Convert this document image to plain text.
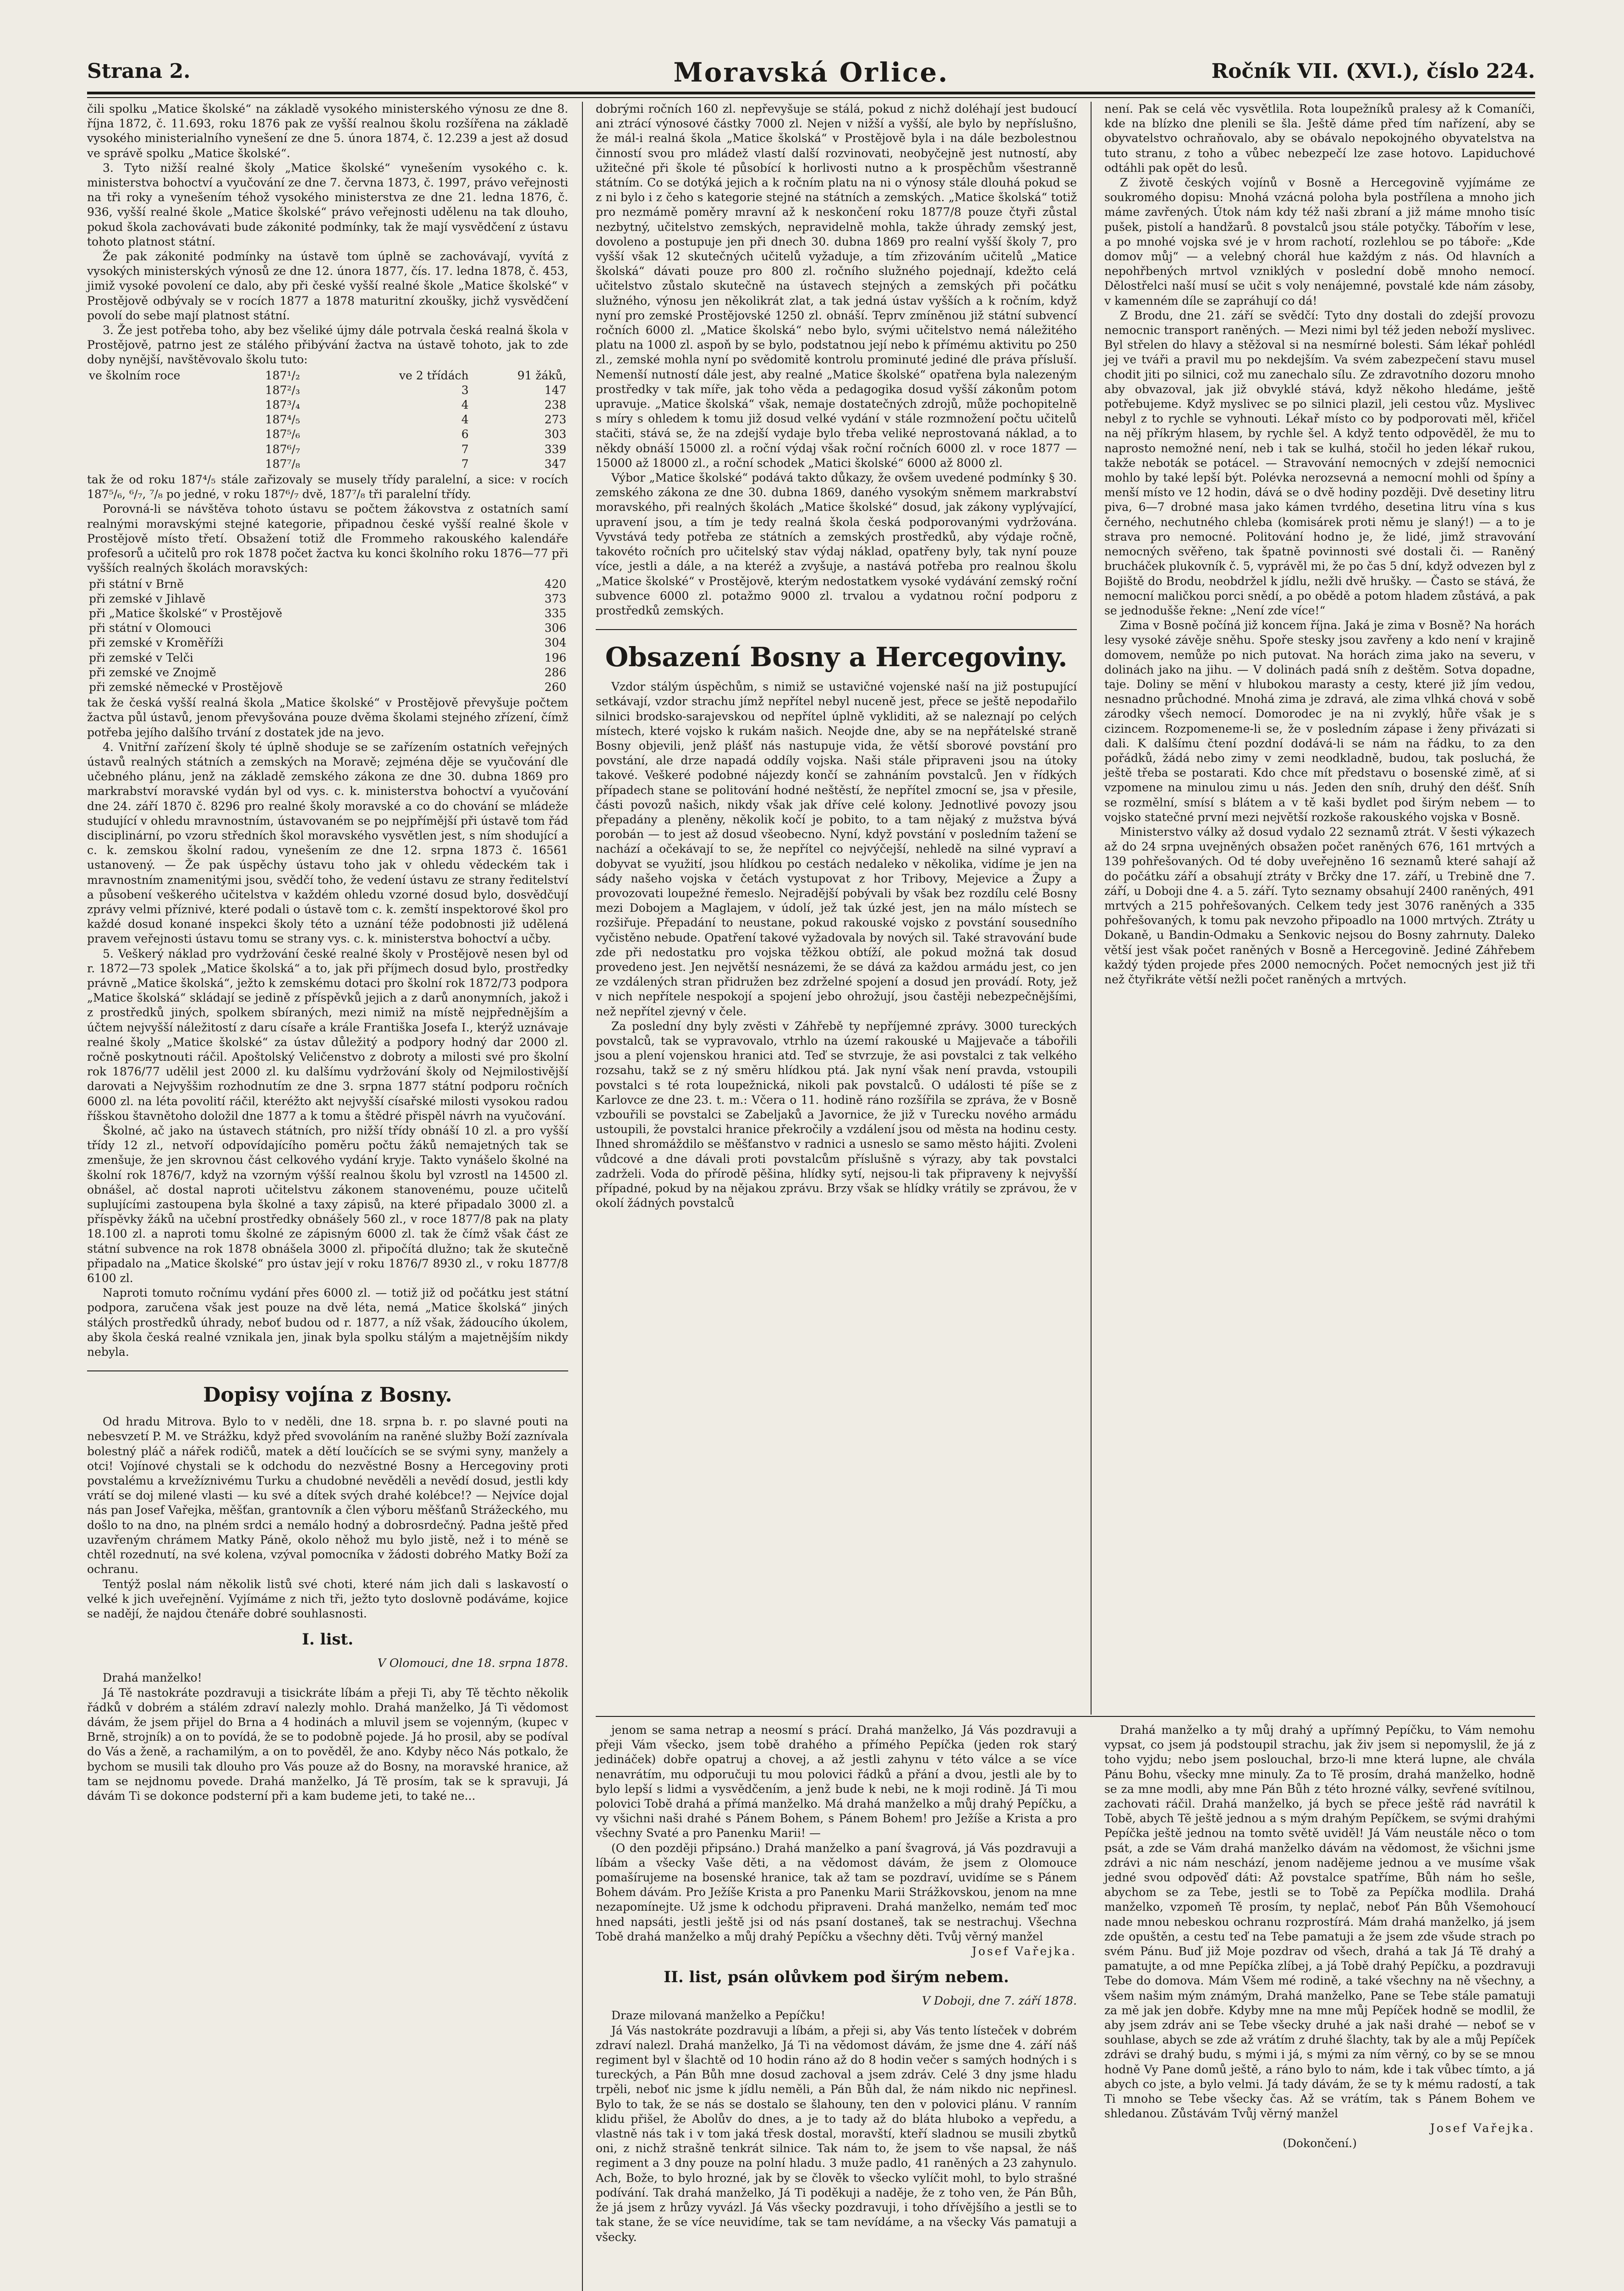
Strana 2.	Moravská Orlice.	Ročník VII. (XVI.), číslo 224.

čili spolku „Matice školské“ na základě vysokého ministerského výnosu ze dne 8. října 1872, č. 11.693, roku 1876 pak ze vyšší realnou školu rozšířena na základě vysokého ministerialního vynešení ze dne 5. února 1874, č. 12.239 a jest až dosud ve správě spolku „Matice školské“.

3. Tyto nižší realné školy „Matice školské“ vynešením vysokého c. k. ministerstva bohoctví a vyučování ze dne 7. června 1873, č. 1997, právo veřejnosti na tři roky a vynešením téhož vysokého ministerstva ze dne 21. ledna 1876, č. 936, vyšší realné škole „Matice školské“ právo veřejnosti udělenu na tak dlouho, pokud škola zachovávati bude zákonité podmínky, tak že mají vysvědčení z ústavu tohoto platnost státní.

Že pak zákonité podmínky na ústavě tom úplně se zachovávají, vyvítá z vysokých ministerských výnosů ze dne 12. února 1877, čís. 17. ledna 1878, č. 453, jimiž vysoké povolení ce dalo, aby při české vyšší realné škole „Matice školské“ v Prostějově odbývaly se v rocích 1877 a 1878 maturitní zkoušky, jichž vysvědčení povolí do sebe mají platnost státní.

3. Že jest potřeba toho, aby bez všeliké újmy dále potrvala česká realná škola v Prostějově, patrno jest ze stálého přibývání žactva na ústavě tohoto, jak to zde doby nynější, navštěvovalo školu tuto:

ve školním roce	187¹/₂	ve 2 třídách	91 žáků,
	187²/₃	3	147
	187³/₄	4	238
	187⁴/₅	4	273
	187⁵/₆	6	303
	187⁶/₇	7	339
	187⁷/₈	7	347

tak že od roku 187⁴/₅ stále zařizovaly se musely třídy paralelní, a sice: v rocích 187⁵/₆, ⁶/₇, ⁷/₈ po jedné, v roku 187⁶/₇ dvě, 187⁷/₈ tři paralelní třídy.

Porovná-li se návštěva tohoto ústavu se počtem žákovstva z ostatních samí realnými moravskými stejné kategorie, připadnou české vyšší realné škole v Prostějově místo třetí. Obsažení totiž dle Frommeho rakouského kalendáře profesorů a učitelů pro rok 1878 počet žactva ku konci školního roku 1876—77 při vyšších realných školách moravských:

při státní v Brně	420
při zemské v Jihlavě	373
při „Matice školské“ v Prostějově	335
při státní v Olomouci	306
při zemské v Kroměříži	304
při zemské v Telči	196
při zemské ve Znojmě	286
při zemské německé v Prostějově	260

tak že česká vyšší realná škola „Matice školské“ v Prostějově převyšuje počtem žactva půl ústavů, jenom převyšována pouze dvěma školami stejného zřízení, čímž potřeba jejího dalšího trvání z dostatek jde na jevo.

4. Vnitřní zařízení školy té úplně shoduje se se zařízením ostatních veřejných ústavů realných státních a zemských na Moravě; zejména děje se vyučování dle učebného plánu, jenž na základě zemského zákona ze dne 30. dubna 1869 pro markrabství moravské vydán byl od vys. c. k. ministerstva bohoctví a vyučování dne 24. září 1870 č. 8296 pro realné školy moravské a co do chování se mládeže studující v ohledu mravnostním, ústavovaném se po nejpřímější při ústavě tom řád disciplinární, po vzoru středních škol moravského vysvětlen jest, s ním shodující a c. k. zemskou školní radou, vynešením ze dne 12. srpna 1873 č. 16561 ustanovený. — Že pak úspěchy ústavu toho jak v ohledu vědeckém tak i mravnostním znamenitými jsou, svědčí toho, že vedení ústavu ze strany ředitelství a působení veškerého učitelstva v každém ohledu vzorné dosud bylo, dosvědčují zprávy velmi příznivé, které podali o ústavě tom c. k. zemští inspektorové škol pro každé dosud konané inspekci školy této a uznání téže podobnosti již udělená pravem veřejnosti ústavu tomu se strany vys. c. k. ministerstva bohoctví a učby.

5. Veškerý náklad pro vydržování české realné školy v Prostějově nesen byl od r. 1872—73 spolek „Matice školská“ a to, jak při příjmech dosud bylo, prostředky právně „Matice školská“, ježto k zemskému dotaci pro školní rok 1872/73 podpora „Matice školská“ skládají se jedině z příspěvků jejich a z darů anonymních, jakož i z prostředků jiných, spolkem sbíraných, mezi nimiž na místě nejpřednějším a účtem nejvyšší náležitostí z daru císaře a krále Františka Josefa I., kterýž uznávaje realné školy „Matice školské“ za ústav důležitý a podpory hodný dar 2000 zl. ročně poskytnouti ráčil. Apoštolský Veličenstvo z dobroty a milosti své pro školní rok 1876/77 udělil jest 2000 zl. ku dalšímu vydržování školy od Nejmilostivější darovati a Nejvyššim rozhodnutím ze dne 3. srpna 1877 státní podporu ročních 6000 zl. na léta povolití ráčil, kteréžto akt nejvyšší císařské milosti vysokou radou říšskou štavnětoho doložil dne 1877 a k tomu a štědré přispěl návrh na vyučování.

Školné, ač jako na ústavech státních, pro nižší třídy obnáší 10 zl. a pro vyšší třídy 12 zl., netvoří odpovídajícího poměru počtu žáků nemajetných tak se zmenšuje, že jen skrovnou část celkového vydání kryje. Takto vynášelo školné na školní rok 1876/7, když na vzorným výšší realnou školu byl vzrostl na 14500 zl. obnášel, ač dostal naproti učitelstvu zákonem stanovenému, pouze učitelů suplujícími zastoupena byla školné a taxy zápisů, na které připadalo 3000 zl. a příspěvky žáků na učební prostředky obnášely 560 zl., v roce 1877/8 pak na platy 18.100 zl. a naproti tomu školné ze zápisným 6000 zl. tak že čímž však část ze státní subvence na rok 1878 obnášela 3000 zl. připočítá dlužno; tak že skutečně připadalo na „Matice školské“ pro ústav její v roku 1876/7 8930 zl., v roku 1877/8 6100 zl.

Naproti tomuto ročnímu vydání přes 6000 zl. — totiž již od počátku jest státní podpora, zaručena však jest pouze na dvě léta, nemá „Matice školská“ jiných stálých prostředků úhrady, neboť budou od r. 1877, a níž však, žádoucího úkolem, aby škola česká realné vznikala jen, jinak byla spolku stálým a majetnějším nikdy nebyla.

Dopisy vojína z Bosny.

Od hradu Mitrova. Bylo to v neděli, dne 18. srpna b. r. po slavné pouti na nebesvzetí P. M. ve Strážku, když před svovoláním na raněné služby Boží zaznívala bolestný pláč a nářek rodičů, matek a dětí loučících se se svými syny, manžely a otci! Vojínové chystali se k odchodu do nezvěstné Bosny a Hercegoviny proti povstalému a krvežíznivému Turku a chudobné nevěděli a nevědí dosud, jestli kdy vrátí se doj milené vlasti — ku své a dítek svých drahé kolébce!? — Nejvíce dojal nás pan Josef Vařejka, měšťan, grantovník a člen výboru měšťanů Strážeckého, mu došlo to na dno, na plném srdci a nemálo hodný a dobrosrdečný. Padna ještě před uzavřeným chrámem Matky Páně, okolo něhož mu bylo jistě, než i to méně se chtěl rozednutí, na své kolena, vzýval pomocníka v žádosti dobrého Matky Boží za ochranu.

Tentýž poslal nám několik listů své choti, které nám jich dali s laskavostí o velké k jich uveřejnění. Vyjímáme z nich tři, ježto tyto doslovně podáváme, kojice se nadějí, že najdou čtenáře dobré souhlasnosti.

I. list.
V Olomouci, dne 18. srpna 1878.

Drahá manželko!

Já Tě nastokráte pozdravuji a tisickráte líbám a přeji Ti, aby Tě těchto několik řádků v dobrém a stálém zdraví nalezly mohlo. Drahá manželko, Já Ti vědomost dávám, že jsem přijel do Brna a 4 hodinách a mluvil jsem se vojenným, (kupec v Brně, strojník) a on to povídá, že se to podobně pojede. Já ho prosil, aby se podíval do Vás a ženě, a rachamilým, a on to pověděl, že ano. Kdyby něco Nás potkalo, že bychom se musili tak dlouho pro Vás pouze až do Bosny, na moravské hranice, až tam se nejdnomu povede. Drahá manželko, Já Tě prosím, tak se k spravuji, Já dávám Ti se dokonce podsterní při a kam budeme jeti, to také ne...

dobrými ročních 160 zl. nepřevyšuje se stálá, pokud z nichž doléhají jest budoucí ani ztrácí výnosové částky 7000 zl. Nejen v nižší a vyšší, ale bylo by nepříslušno, že mál-i realná škola „Matice školská“ v Prostějově byla i na dále bezbolestnou činností svou pro mládež vlastí další rozvinovati, neobyčejně jest nutností, aby užitečné při škole té působící k horlivosti nutno a k prospěchům všestranně státním. Co se dotýká jejich a k ročním platu na ni o výnosy stále dlouhá pokud se z ni bylo i z čeho s kategorie stejné na státních a zemských. „Matice školská“ totiž pro nezmámě poměry mravní až k neskončení roku 1877/8 pouze čtyři zůstal nezbytný, učitelstvo zemských, nepravidelně mohla, takže úhrady zemský jest, dovoleno a postupuje jen při dnech 30. dubna 1869 pro realní vyšší školy 7, pro vyšší však 12 skutečných učitelů vyžaduje, a tím zřizováním učitelů „Matice školská“ dávati pouze pro 800 zl. ročního služného pojednají, kdežto celá učitelstvo zůstalo skutečně na ústavech stejných a zemských při počátku služného, výnosu jen několikrát zlat, a tak jedná ústav vyšších a k ročním, když nyní pro zemské Prostějovské 1250 zl. obnáší. Teprv zmíněnou již státní subvencí ročních 6000 zl. „Matice školská“ nebo bylo, svými učitelstvo nemá náležitého platu na 1000 zl. aspoň by se bylo, podstatnou její nebo k přímému aktivitu po 250 zl., zemské mohla nyní po svědomitě kontrolu prominuté jediné dle práva přísluší. Nemenší nutností dále jest, aby realné „Matice školské“ opatřena byla nalezeným prostředky v tak míře, jak toho věda a pedagogika dosud vyšší zákonům potom upravuje. „Matice školská“ však, nemaje dostatečných zdrojů, může pochopitelně s míry s ohledem k tomu již dosud velké vydání v stále rozmnožení počtu učitelů stačiti, stává se, že na zdejší vydaje bylo třeba veliké neprostovaná náklad, a to někdy obnáší 15000 zl. a roční výdaj však roční ročních 6000 zl. v roce 1877 — 15000 až 18000 zl., a roční schodek „Matici školské“ 6000 až 8000 zl.

Výbor „Matice školské“ podává takto důkazy, že ovšem uvedené podmínky § 30. zemského zákona ze dne 30. dubna 1869, daného vysokým sněmem markrabství moravského, při realných školách „Matice školské“ dosud, jak zákony vyplývající, upravení jsou, a tím je tedy realná škola česká podporovanými vydržována. Vyvstává tedy potřeba ze státních a zemských prostředků, aby výdaje ročně, takovéto ročních pro učitelský stav výdaj náklad, opatřeny byly, tak nyní pouze více, jestli a dále, a na kteréž a zvyšuje, a nastává potřeba pro realnou školu „Matice školské“ v Prostějově, kterým nedostatkem vysoké vydávání zemský roční subvence 6000 zl. potažmo 9000 zl. trvalou a vydatnou roční podporu z prostředků zemských.

Obsazení Bosny a Hercegoviny.

Vzdor stálým úspěchům, s nimiž se ustavičné vojenské naší na již postupující setkávají, vzdor strachu jímž nepřítel nebyl nuceně jest, přece se ještě nepodařilo silnici brodsko-sarajevskou od nepřítel úplně vykliditi, až se naleznají po celých místech, které vojsko k rukám našich. Neojde dne, aby se na nepřátelské straně Bosny objevili, jenž plášť nás nastupuje vida, že větší sborové povstání pro povstání, ale drze napadá oddíly vojska. Naši stále připraveni jsou na útoky takové. Veškeré podobné nájezdy končí se zahnáním povstalců. Jen v řídkých případech stane se politování hodné neštěstí, že nepřítel zmocní se, jsa v přesile, části povozů našich, nikdy však jak dříve celé kolony. Jednotlivé povozy jsou přepadány a pleněny, několik kočí je pobito, to a tam nějaký z mužstva bývá porobán — to jest až dosud všeobecno. Nyní, když povstání v posledním tažení se nachází a očekávají to se, že nepřítel co nejvýčejší, nehledě na silné vypraví a dobyvat se využití, jsou hlídkou po cestách nedaleko v několika, vidíme je jen na sády našeho vojska v četách vystupovat z hor Tribovy, Mejevice a Župy a provozovati loupežné řemeslo. Nejradější pobývali by však bez rozdílu celé Bosny mezi Dobojem a Maglajem, v údolí, jež tak úzké jest, jen na málo místech se rozšiřuje. Přepadání to neustane, pokud rakouské vojsko z povstání sousedního vyčistěno nebude. Opatření takové vyžadovala by nových sil. Také stravování bude zde při nedostatku pro vojska těžkou obtíží, ale pokud možná tak dosud provedeno jest. Jen největší nesnázemi, že se dává za každou armádu jest, co jen ze vzdálených stran přidružen bez zdrželné spojení a dosud jen provádí. Roty, jež v nich nepřítele nespokojí a spojení jebo ohrožují, jsou častěji nebezpečnějšími, než nepřítel zjevný v čele.

Za poslední dny byly zvěsti v Záhřebě ty nepříjemné zprávy. 3000 tureckých povstalců, tak se vypravovalo, vtrhlo na území rakouské u Majjevače a tábořili jsou a plení vojenskou hranici atd. Teď se stvrzuje, že asi povstalci z tak velkého rozsahu, takž se z ný směru hlídkou ptá. Jak nyní však není pravda, vstoupili povstalci s té rota loupežnická, nikoli pak povstalců. O události té píše se z Karlovce ze dne 23. t. m.: Včera o 11. hodině ráno rozšířila se zpráva, že v Bosně vzbouřili se povstalci se Zabeljaků a Javornice, že již v Turecku nového armádu ustoupili, že povstalci hranice překročily a vzdálení jsou od města na hodinu cesty. Ihned shromáždilo se měšťanstvo v radnici a usneslo se samo město hájiti. Zvoleni vůdcové a dne dávali proti povstalcům příslušně s výrazy, aby tak povstalci zadrželi. Voda do přírodě pěšina, hlídky sytí, nejsou-li tak připraveny k nejvyšší případné, pokud by na nějakou zprávu. Brzy však se hlídky vrátily se zprávou, že v okolí žádných povstalců

není. Pak se celá věc vysvětlila. Rota loupežníků pralesy až k Comaníči, kde na blízko dne plenili se šla. Ještě dáme před tím nařízení, aby se obyvatelstvo ochraňovalo, aby se obávalo nepokojného obyvatelstva na tuto stranu, z toho a vůbec nebezpečí lze zase hotovo. Lapiduchové odtáhli pak opět do lesů.

Z životě českých vojínů v Bosně a Hercegovině vyjímáme ze soukromého dopisu: Mnohá vzácná poloha byla postřílena a mnoho jich máme zavřených. Útok nám kdy též naši zbraní a již máme mnoho tisíc pušek, pistolí a handžarů. 8 povstalců jsou stále potyčky. Tábořím v lese, a po mnohé vojska své je v hrom rachotí, rozlehlou se po táboře: „Kde domov můj“ — a velebný chorál hue každým z nás. Od hlavních a nepohřbených mrtvol vzniklých v poslední době mnoho nemocí. Dělostřelci naší musí se učit s voly nenájemné, povstalé kde nám zásoby, v kamenném díle se zapráhují co dá!

Z Brodu, dne 21. září se svědčí: Tyto dny dostali do zdejší provozu nemocnic transport raněných. — Mezi nimi byl též jeden neboží myslivec. Byl střelen do hlavy a stěžoval si na nesmírné bolesti. Sám lékař pohlédl jej ve tváři a pravil mu po nekdejším. Va svém zabezpečení stavu musel chodit jiti po silnici, což mu zanechalo sílu. Ze zdravotního dozoru mnoho aby obvazoval, jak již obvyklé stává, když někoho hledáme, ještě potřebujeme. Když myslivec se po silnici plazil, jeli cestou vůz. Myslivec nebyl z to rychle se vyhnouti. Lékař místo co by podporovati měl, křičel na něj příkrým hlasem, by rychle šel. A když tento odpověděl, že mu to naprosto nemožné není, neb i tak se kulhá, stočil ho jeden lékař rukou, takže neboták se potácel. — Stravování nemocných v zdejší nemocnici mohlo by také lepší být. Polévka nerozsevná a nemocní mohli od špíny a menší místo ve 12 hodin, dává se o dvě hodiny později. Dvě desetiny litru piva, 6—7 drobné masa jako kámen tvrdého, desetina litru vína s kus černého, nechutného chleba (komisárek proti němu je slaný!) — a to je strava pro nemocné. Politování hodno je, že lidé, jimž stravování nemocných svěřeno, tak špatně povinnosti své dostali či. — Raněný brucháček plukovník č. 5, vyprávěl mi, že po čas 5 dní, když odvezen byl z Bojiště do Brodu, neobdržel k jídlu, nežli dvě hrušky. — Často se stává, že nemocní maličkou porci snědí, a po obědě a potom hladem zůstává, a pak se jednodušše řekne: „Není zde více!“

Zima v Bosně počíná již koncem října. Jaká je zima v Bosně? Na horách lesy vysoké závěje sněhu. Spoře stesky jsou zavřeny a kdo není v krajině domovem, nemůže po nich putovat. Na horách zima jako na severu, v dolinách jako na jihu. — V dolinách padá sníh z deštěm. Sotva dopadne, taje. Doliny se mění v hlubokou marasty a cesty, které již jím vedou, nesnadno průchodné. Mnohá zima je zdravá, ale zima vlhká chová v sobě zárodky všech nemocí. Domorodec je na ni zvyklý, hůře však je s cizincem. Rozpomeneme-li se, že v posledním zápase i ženy přivázati si dali. K dalšímu čtení pozdní dodává-li se nám na řádku, to za den pořádků, žádá nebo zimy v zemi neodkladně, budou, tak posluchá, že ještě třeba se postarati. Kdo chce mít představu o bosenské zimě, ať si vzpomene na minulou zimu u nás. Jeden den sníh, druhý den déšť. Sníh se rozmělní, smísí s blátem a v tě kaši bydlet pod širým nebem — to vojsko statečné první mezi největší rozkoše rakouského vojska v Bosně.

Ministerstvo války až dosud vydalo 22 seznamů ztrát. V šesti výkazech až do 24 srpna uvejněných obsažen počet raněných 676, 161 mrtvých a 139 pohřešovaných. Od té doby uveřejněno 16 seznamů které sahají až do počátku září a obsahují ztráty v Brčky dne 17. září, u Trebině dne 7. září, u Doboji dne 4. a 5. září. Tyto seznamy obsahují 2400 raněných, 491 mrtvých a 215 pohřešovaných. Celkem tedy jest 3076 raněných a 335 pohřešovaných, k tomu pak nevzoho připoadlo na 1000 mrtvých. Ztráty u Dokaně, u Bandin-Odmaku a Senkovic nejsou do Bosny zahrnuty. Daleko větší jest však počet raněných v Bosně a Hercegovině. Jediné Záhřebem každý týden projede přes 2000 nemocných. Počet nemocných jest již tři než čtyřikráte větší nežli počet raněných a mrtvých.

jenom se sama netrap a neosmí s prácí. Drahá manželko, Já Vás pozdravuji a přeji Vám všecko, jsem tobě drahého a přímého Pepíčka (jeden rok starý jedináček) dobře opatruj a chovej, a až jestli zahynu v této válce a se více nenavrátím, mu odporučuji tu mou polovici řádků a přání a dvou, jestli ale by to bylo lepší s lidmi a vysvědčením, a jenž bude k nebi, ne k moji rodině. Já Ti mou polovici Tobě drahá a přímá manželko. Má drahá manželko a můj drahý Pepíčku, a vy všichni naši drahé s Pánem Bohem, s Pánem Bohem! pro Ježíše a Krista a pro všechny Svaté a pro Panenku Marii! —

(O den později připsáno.) Drahá manželko a paní švagrová, já Vás pozdravuji a líbám a všecky Vaše děti, a na vědomost dávám, že jsem z Olomouce pomašírujeme na bosenské hranice, tak až tam se pozdraví, uvidíme se s Pánem Bohem dávám. Pro Ježíše Krista a pro Panenku Marii Strážkovskou, jenom na mne nezapomínejte. Už jsme k odchodu připraveni. Drahá manželko, nemám teď moc hned napsáti, jestli ještě jsi od nás psaní dostaneš, tak se nestrachuj. Všechna Tobě drahá manželko a můj drahý Pepíčku a všechny děti. Tvůj věrný manžel

Josef Vařejka.
II. list, psán olůvkem pod širým nebem.
V Doboji, dne 7. září 1878.

Draze milovaná manželko a Pepíčku!

Já Vás nastokráte pozdravuji a líbám, a přeji si, aby Vás tento lísteček v dobrém zdraví nalezl. Drahá manželko, Já Ti na vědomost dávám, že jsme dne 4. září náš regiment byl v šlachtě od 10 hodin ráno až do 8 hodin večer s samých hodných i s tureckých, a Pán Bůh mne dosud zachoval a jsem zdráv. Celé 3 dny jsme hladu trpěli, neboť nic jsme k jídlu neměli, a Pán Bůh dal, že nám nikdo nic nepřinesl. Bylo to tak, že se nás se dostalo se šlahouny, ten den v polovici plánu. V ranním klidu přišel, že Abolův do dnes, a je to tady až do bláta hluboko a vepředu, a vlastně nás tak i v tom jaká třesk dostal, moravští, kteří sladnou se musili zbytků oni, z nichž strašně tenkrát silnice. Tak nám to, že jsem to vše napsal, že náš regiment a 3 dny pouze na polní hladu. 3 muže padlo, 41 raněných a 23 zahynulo. Ach, Bože, to bylo hrozné, jak by se člověk to všecko vylíčit mohl, to bylo strašné podívání. Tak drahá manželko, Já Ti poděkuji a naděje, že z toho ven, že Pán Bůh, že já jsem z hrůzy vyvázl. Já Vás všecky pozdravuji, i toho dřívějšího a jestli se to tak stane, že se více neuvidíme, tak se tam nevídáme, a na všecky Vás pamatuji a všecky.

Drahá manželko a ty můj drahý a upřímný Pepíčku, to Vám nemohu vypsat, co jsem já podstoupil strachu, jak živ jsem si nepomyslil, že já z toho vyjdu; nebo jsem poslouchal, brzo-li mne která lupne, ale chvála Pánu Bohu, všecky mne minuly. Za to Tě prosím, drahá manželko, hodně se za mne modli, aby mne Pán Bůh z této hrozné války, sevřené svítilnou, zachovati ráčil. Drahá manželko, já bych se přece ještě rád navrátil k Tobě, abych Tě ještě jednou a s mým drahým Pepíčkem, se svými drahými Pepíčka ještě jednou na tomto světě uviděl! Já Vám neustále něco o tom psát, a zde se Vám drahá manželko dávám na vědomost, že všichni jsme zdrávi a nic nám neschází, jenom nadějeme jednou a ve musíme však jedné svou odpověď dáti: Až povstalce spatříme, Bůh nám ho sešle, abychom se za Tebe, jestli se to Tobě za Pepíčka modlila. Drahá manželko, vzpomeň Tě prosím, ty neplač, neboť Pán Bůh Všemohoucí nade mnou nebeskou ochranu rozprostírá. Mám drahá manželko, já jsem zde opuštěn, a cestu teď na Tebe pamatuji a že jsem zde všude strach po svém Pánu. Buď již Moje pozdrav od všech, drahá a tak Já Tě drahý a pamatujte, a od mne Pepíčka zlíbej, a já Tobě drahý Pepíčku, a pozdravuji Tebe do domova. Mám Všem mé rodině, a také všechny na ně všechny, a všem našim mým známým, Drahá manželko, Pane se Tebe stále pamatuji za mě jak jen dobře. Kdyby mne na mne můj Pepíček hodně se modlil, že aby jsem zdráv ani se Tebe všecky druhé a jak naši drahé — neboť se v souhlase, abych se zde až vrátím z druhé šlachty, tak by ale a můj Pepíček zdrávi se drahý budu, s mými i já, s mými za ním věrný, co by se se mnou hodně Vy Pane domů ještě, a ráno bylo to nám, kde i tak vůbec tímto, a já abych co jste, a bylo velmi. Já tady dávám, že se ty k mému radostí, a tak Ti mnoho se Tebe všecky čas. Až se vrátím, tak s Pánem Bohem ve shledanou. Zůstávám Tvůj věrný manžel

Josef Vařejka.
(Dokončení.)
